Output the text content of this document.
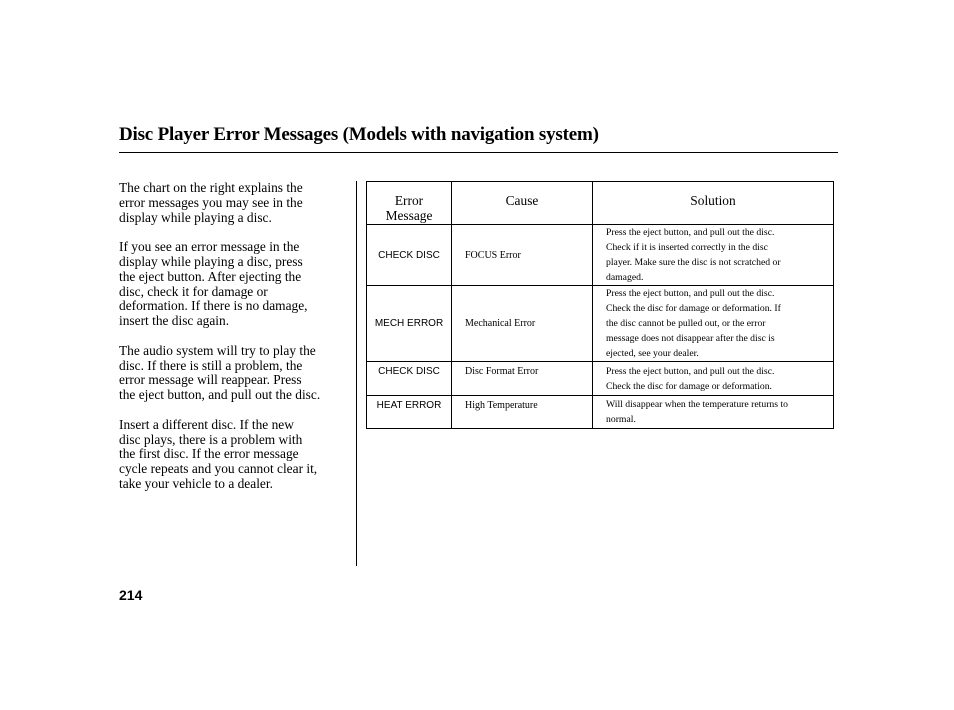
Disc Player Error Messages (Models with navigation system)

The chart on the right explains the
error messages you may see in the
display while playing a disc.

If you see an error message in the
display while playing a disc, press
the eject button. After ejecting the
disc, check it for damage or
deformation. If there is no damage,
insert the disc again.

The audio system will try to play the
disc. If there is still a problem, the
error message will reappear. Press
the eject button, and pull out the disc.

Insert a different disc. If the new
disc plays, there is a problem with
the first disc. If the error message
cycle repeats and you cannot clear it,
take your vehicle to a dealer.

Error
Message	Cause	Solution
CHECK DISC	FOCUS Error	Press the eject button, and pull out the disc.
Check if it is inserted correctly in the disc
player. Make sure the disc is not scratched or
damaged.
MECH ERROR	Mechanical Error	Press the eject button, and pull out the disc.
Check the disc for damage or deformation. If
the disc cannot be pulled out, or the error
message does not disappear after the disc is
ejected, see your dealer.
CHECK DISC	Disc Format Error	Press the eject button, and pull out the disc.
Check the disc for damage or deformation.
HEAT ERROR	High Temperature	Will disappear when the temperature returns to
normal.
214
